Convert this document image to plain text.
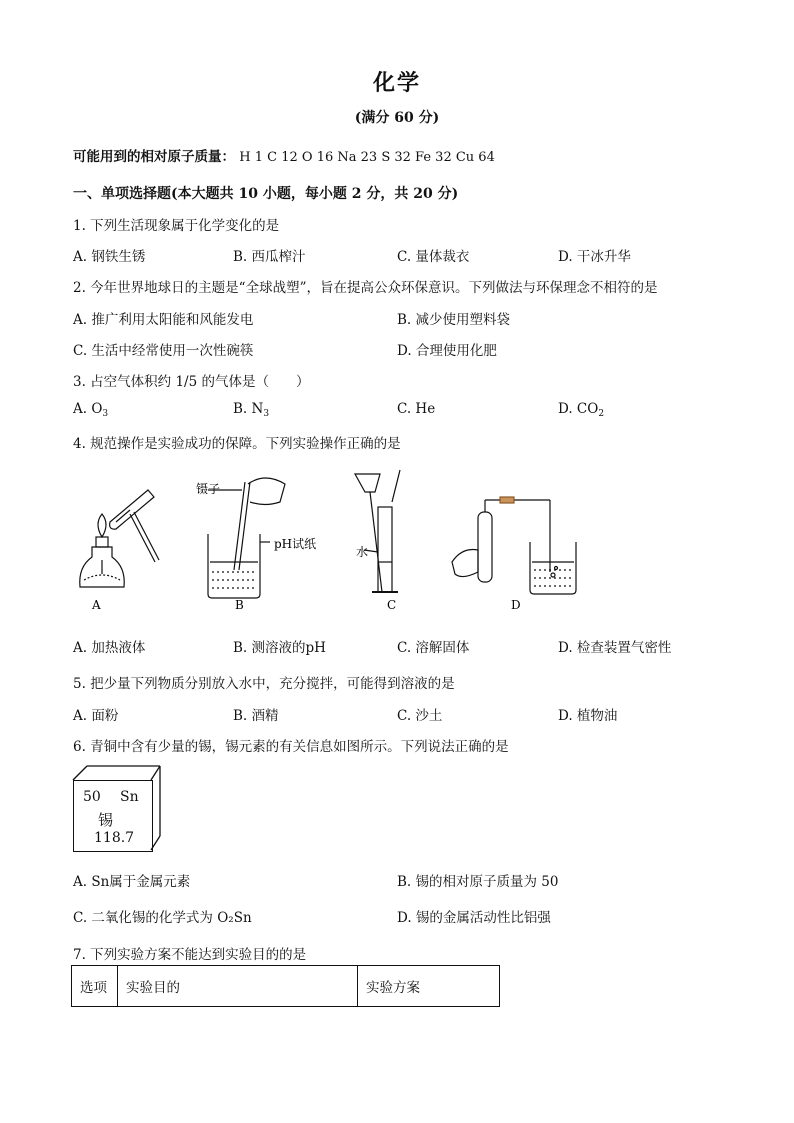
化学
(满分 60 分)
可能用到的相对原子质量： H 1 C 12 O 16 Na 23 S 32 Fe 32 Cu 64
一、单项选择题(本大题共 10 小题，每小题 2 分，共 20 分)
1. 下列生活现象属于化学变化的是
A. 钢铁生锈	B. 西瓜榨汁	C. 量体裁衣	D. 干冰升华
2. 今年世界地球日的主题是“全球战塑”，旨在提高公众环保意识。下列做法与环保理念不相符的是
A. 推广利用太阳能和风能发电	B. 减少使用塑料袋
C. 生活中经常使用一次性碗筷	D. 合理使用化肥
3. 占空气体积约 1/5 的气体是（　　）
A. $O_3$	B. $N_3$	C. He	D. $CO_2$
4. 规范操作是实验成功的保障。下列实验操作正确的是
A	B	C	D
镊子
pH试纸
水
A. 加热液体	B. 测溶液的pH	C. 溶解固体	D. 检查装置气密性
5. 把少量下列物质分别放入水中，充分搅拌，可能得到溶液的是
A. 面粉	B. 酒精	C. 沙土	D. 植物油
6. 青铜中含有少量的锡，锡元素的有关信息如图所示。下列说法正确的是
50 Sn
锡
118.7
A. Sn属于金属元素	B. 锡的相对原子质量为 50
C. 二氧化锡的化学式为 O₂Sn	D. 锡的金属活动性比铝强
7. 下列实验方案不能达到实验目的的是
选项	实验目的	实验方案
